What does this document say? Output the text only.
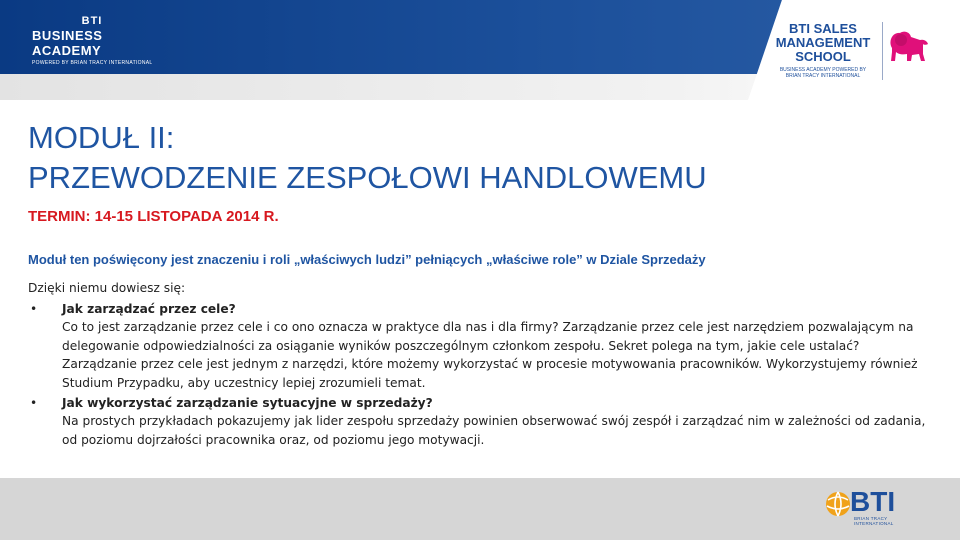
BTI
BUSINESS ACADEMY
POWERED BY BRIAN TRACY INTERNATIONAL
BTI SALES
MANAGEMENT
SCHOOL
BUSINESS ACADEMY POWERED BY
BRIAN TRACY INTERNATIONAL
MODUŁ II:
PRZEWODZENIE ZESPOŁOWI HANDLOWEMU
TERMIN: 14-15 LISTOPADA 2014 R.
Moduł ten poświęcony jest znaczeniu i roli „właściwych ludzi” pełniących „właściwe role” w Dziale Sprzedaży

Dzięki niemu dowiesz się:

• Jak zarządzać przez cele?
Co to jest zarządzanie przez cele i co ono oznacza w praktyce dla nas i dla firmy? Zarządzanie przez cele jest narzędziem pozwalającym na delegowanie odpowiedzialności za osiąganie wyników poszczególnym członkom zespołu. Sekret polega na tym, jakie cele ustalać? Zarządzanie przez cele jest jednym z narzędzi, które możemy wykorzystać w procesie motywowania pracowników. Wykorzystujemy również Studium Przypadku, aby uczestnicy lepiej zrozumieli temat.
• Jak wykorzystać zarządzanie sytuacyjne w sprzedaży?
Na prostych przykładach pokazujemy jak lider zespołu sprzedaży powinien obserwować swój zespół i zarządzać nim w zależności od zadania, od poziomu dojrzałości pracownika oraz, od poziomu jego motywacji.
BTI
BRIAN TRACY INTERNATIONAL
